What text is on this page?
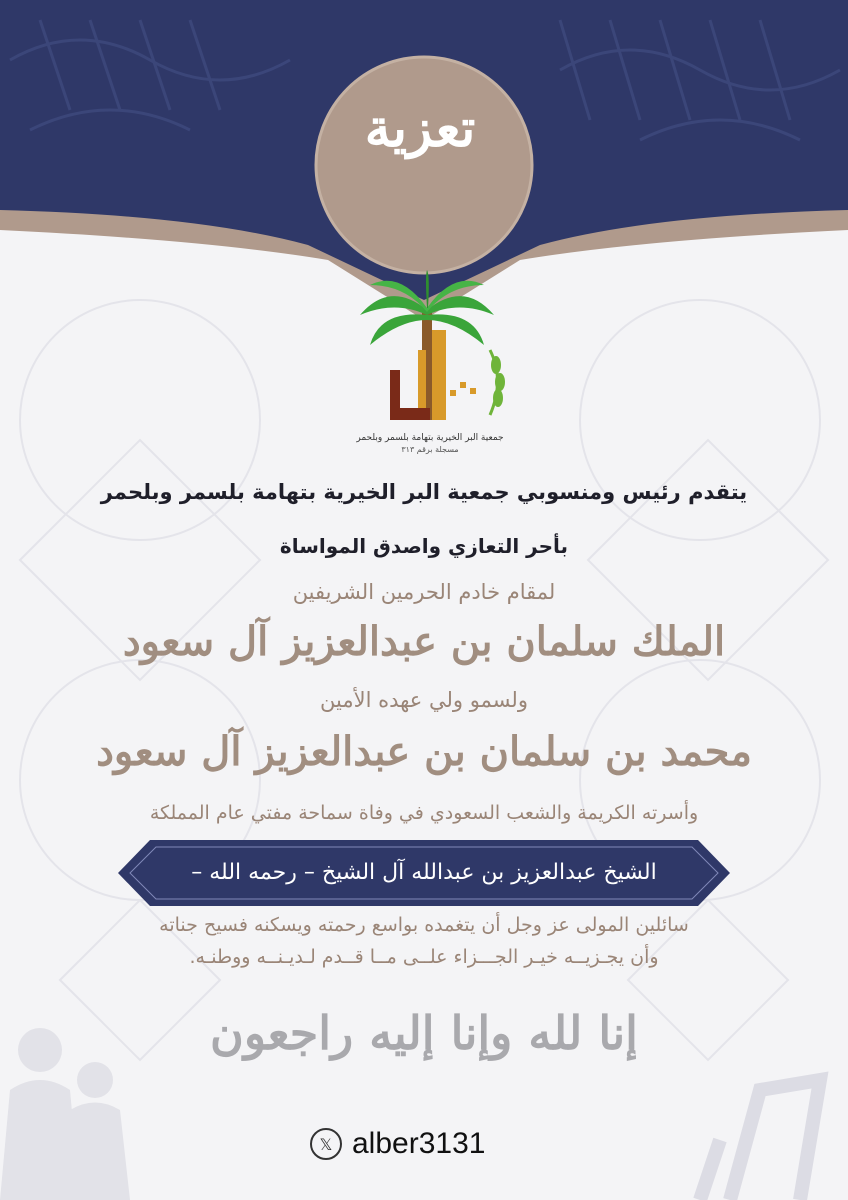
تعزية
جمعية البر الخيرية بتهامة بلسمر وبلحمر
مسجلة برقم ٣١٣
يتقدم رئيس ومنسوبي جمعية البر الخيرية بتهامة بلسمر وبلحمر
بأحر التعازي واصدق المواساة
لمقام خادم الحرمين الشريفين
الملك سلمان بن عبدالعزيز آل سعود
ولسمو ولي عهده الأمين
محمد بن سلمان بن عبدالعزيز آل سعود
وأسرته الكريمة والشعب السعودي في وفاة سماحة مفتي عام المملكة
الشيخ عبدالعزيز بن عبدالله آل الشيخ – رحمه الله –
سائلين المولى عز وجل أن يتغمده بواسع رحمته ويسكنه فسيح جناته
وأن يجـزيــه خيـر الجـــزاء علــى مــا قــدم لـديـنــه ووطنـه.
إنا لله وإنا إليه راجعون
𝕏 alber3131
